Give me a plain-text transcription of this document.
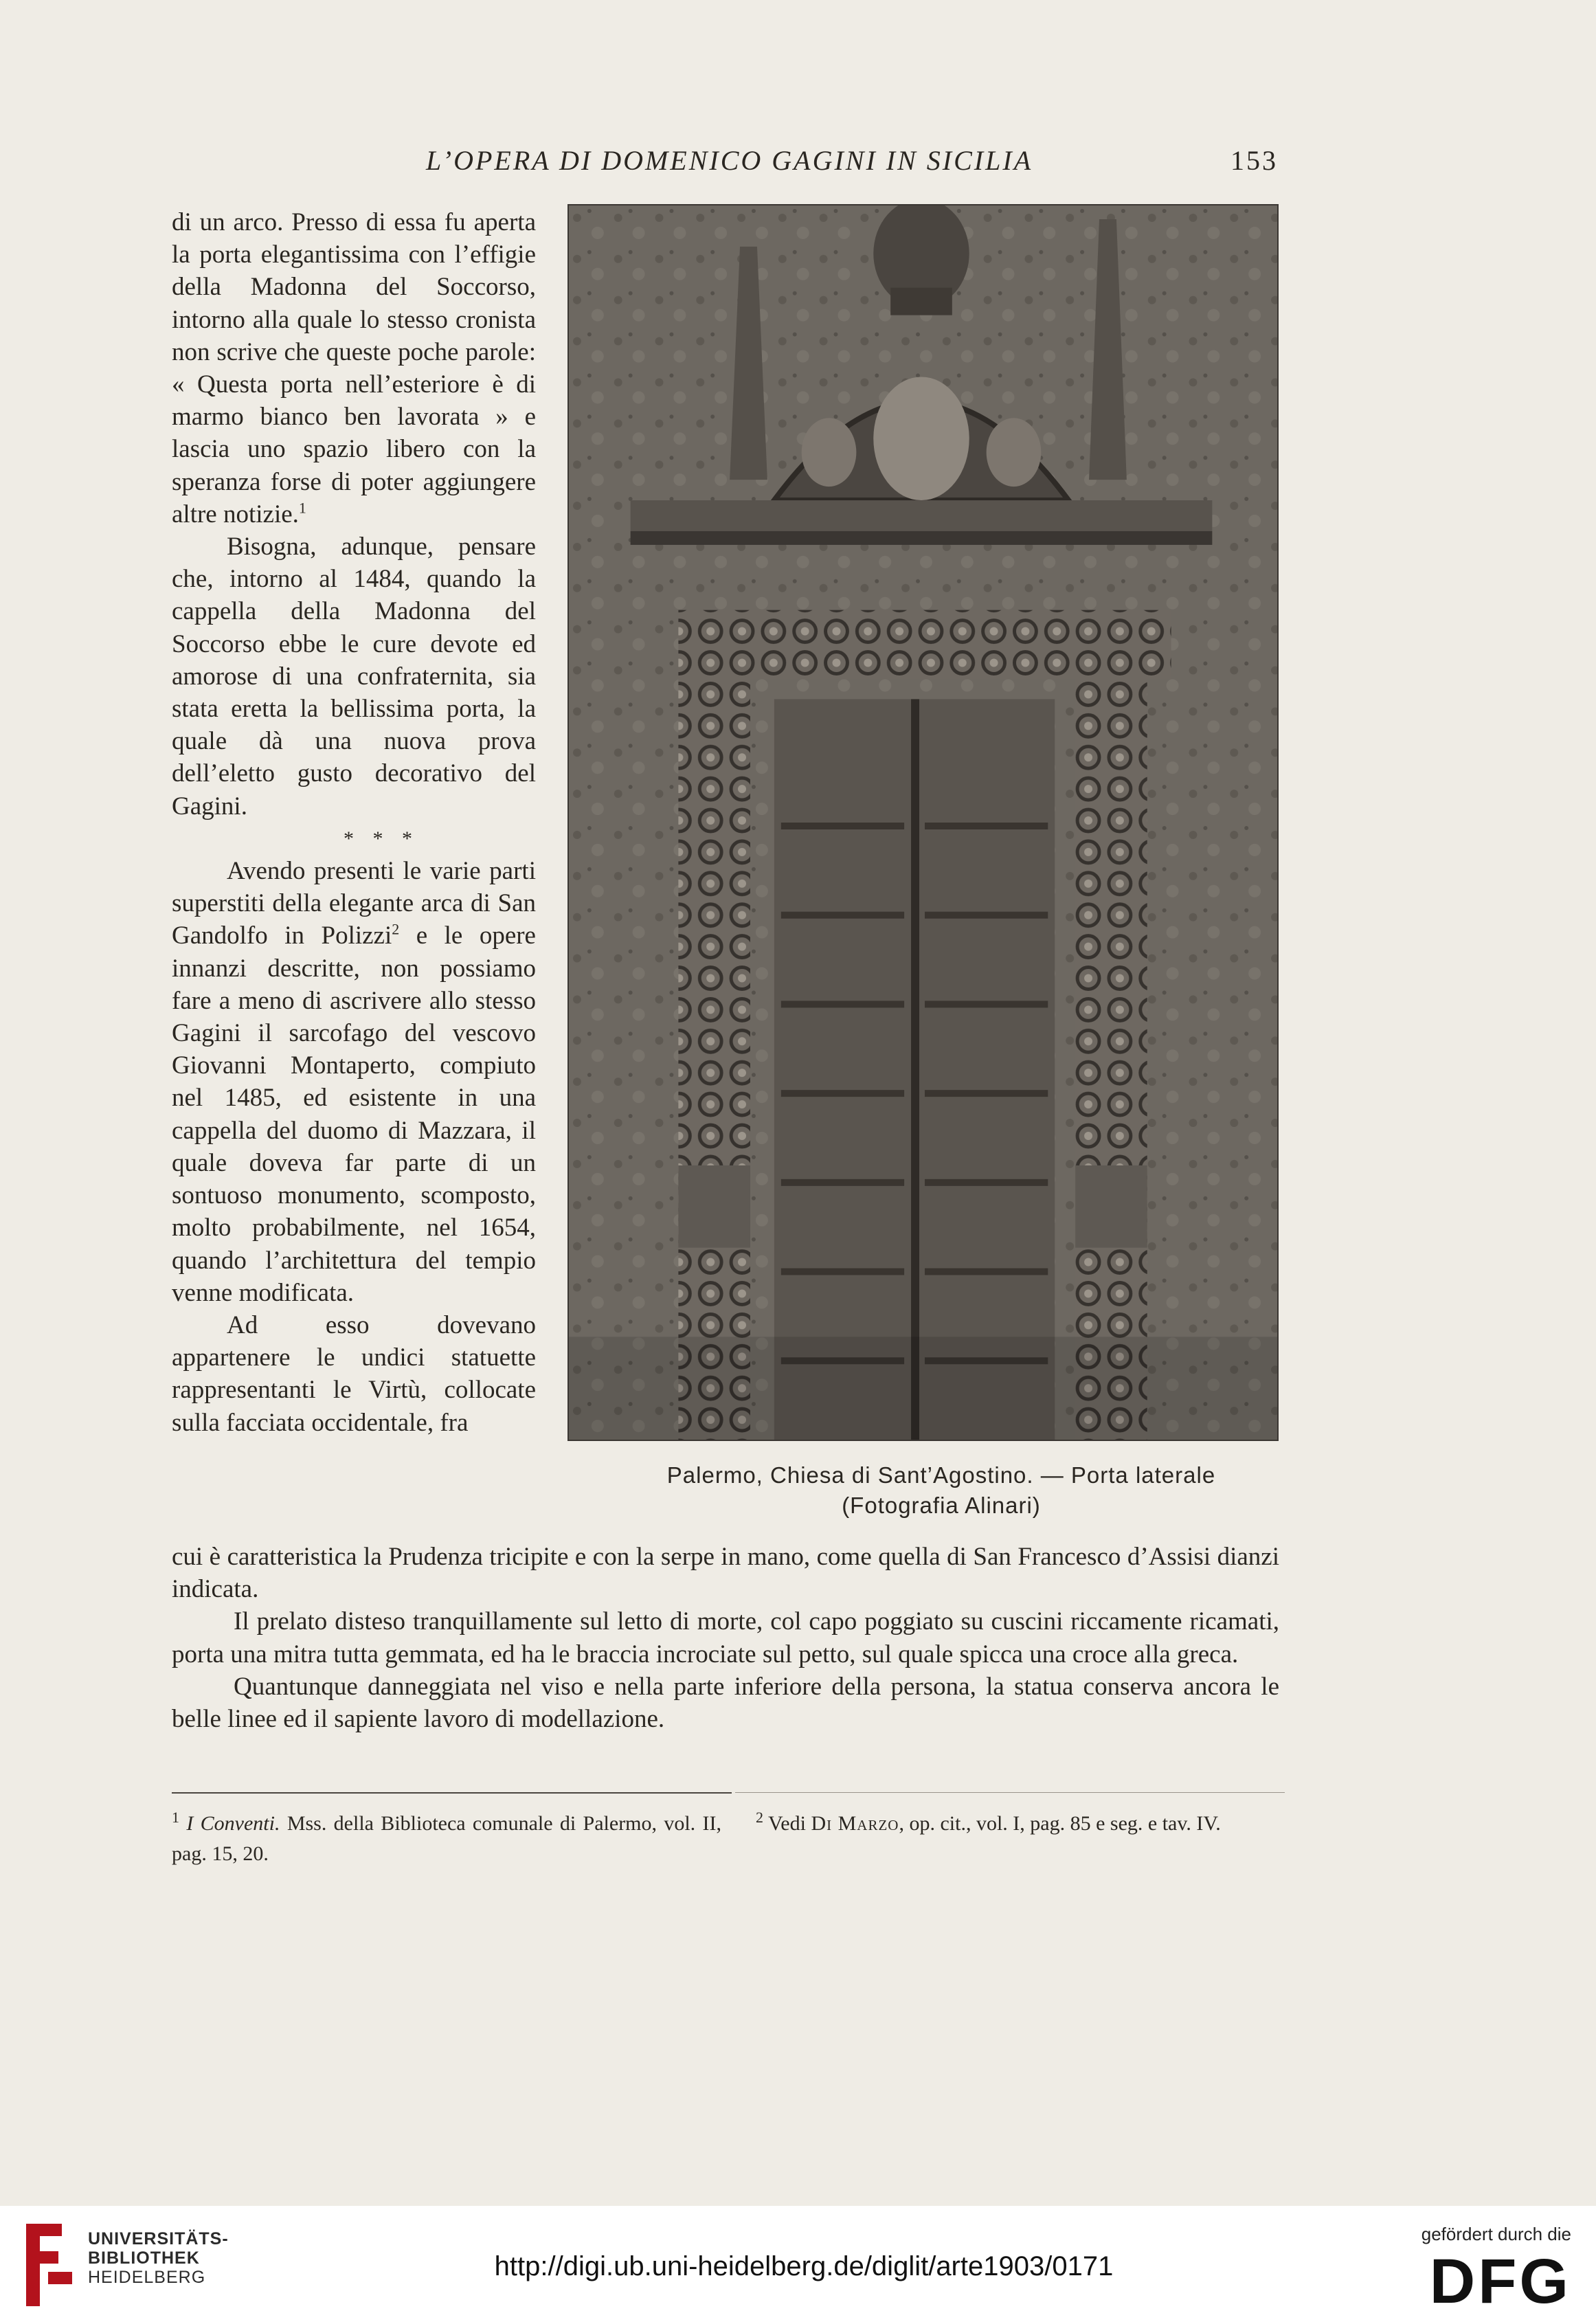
L’OPERA DI DOMENICO GAGINI IN SICILIA	153

di un arco. Presso di essa fu aperta la porta elegantissima con l’effigie della Madonna del Soccorso, intorno alla quale lo stesso cronista non scrive che queste poche parole: « Questa porta nell’esteriore è di marmo bianco ben lavorata » e lascia uno spazio libero con la speranza forse di poter aggiungere altre notizie.$^1$

Bisogna, adunque, pensare che, intorno al 1484, quando la cappella della Madonna del Soccorso ebbe le cure devote ed amorose di una confraternita, sia stata eretta la bellissima porta, la quale dà una nuova prova dell’eletto gusto decorativo del Gagini.

* * *

Avendo presenti le varie parti superstiti della elegante arca di San Gandolfo in Polizzi$^2$ e le opere innanzi descritte, non possiamo fare a meno di ascrivere allo stesso Gagini il sarcofago del vescovo Giovanni Montaperto, compiuto nel 1485, ed esistente in una cappella del duomo di Mazzara, il quale doveva far parte di un sontuoso monumento, scomposto, molto probabilmente, nel 1654, quando l’architettura del tempio venne modificata.

Ad esso dovevano appartenere le undici statuette rappresentanti le Virtù, collocate sulla facciata occidentale, fra

Palermo, Chiesa di Sant’Agostino. — Porta laterale
(Fotografia Alinari)

cui è caratteristica la Prudenza tricipite e con la serpe in mano, come quella di San Francesco d’Assisi dianzi indicata.

Il prelato disteso tranquillamente sul letto di morte, col capo poggiato su cuscini riccamente ricamati, porta una mitra tutta gemmata, ed ha le braccia incrociate sul petto, sul quale spicca una croce alla greca.

Quantunque danneggiata nel viso e nella parte inferiore della persona, la statua conserva ancora le belle linee ed il sapiente lavoro di modellazione.

$^1$ I Conventi. Mss. della Biblioteca comunale di Palermo, vol. II, pag. 15, 20.
$^2$ Vedi Di Marzo, op. cit., vol. I, pag. 85 e seg. e tav. IV.
UNIVERSITÄTS-
BIBLIOTHEK
HEIDELBERG	http://digi.ub.uni-heidelberg.de/diglit/arte1903/0171
gefördert durch die
DFG
